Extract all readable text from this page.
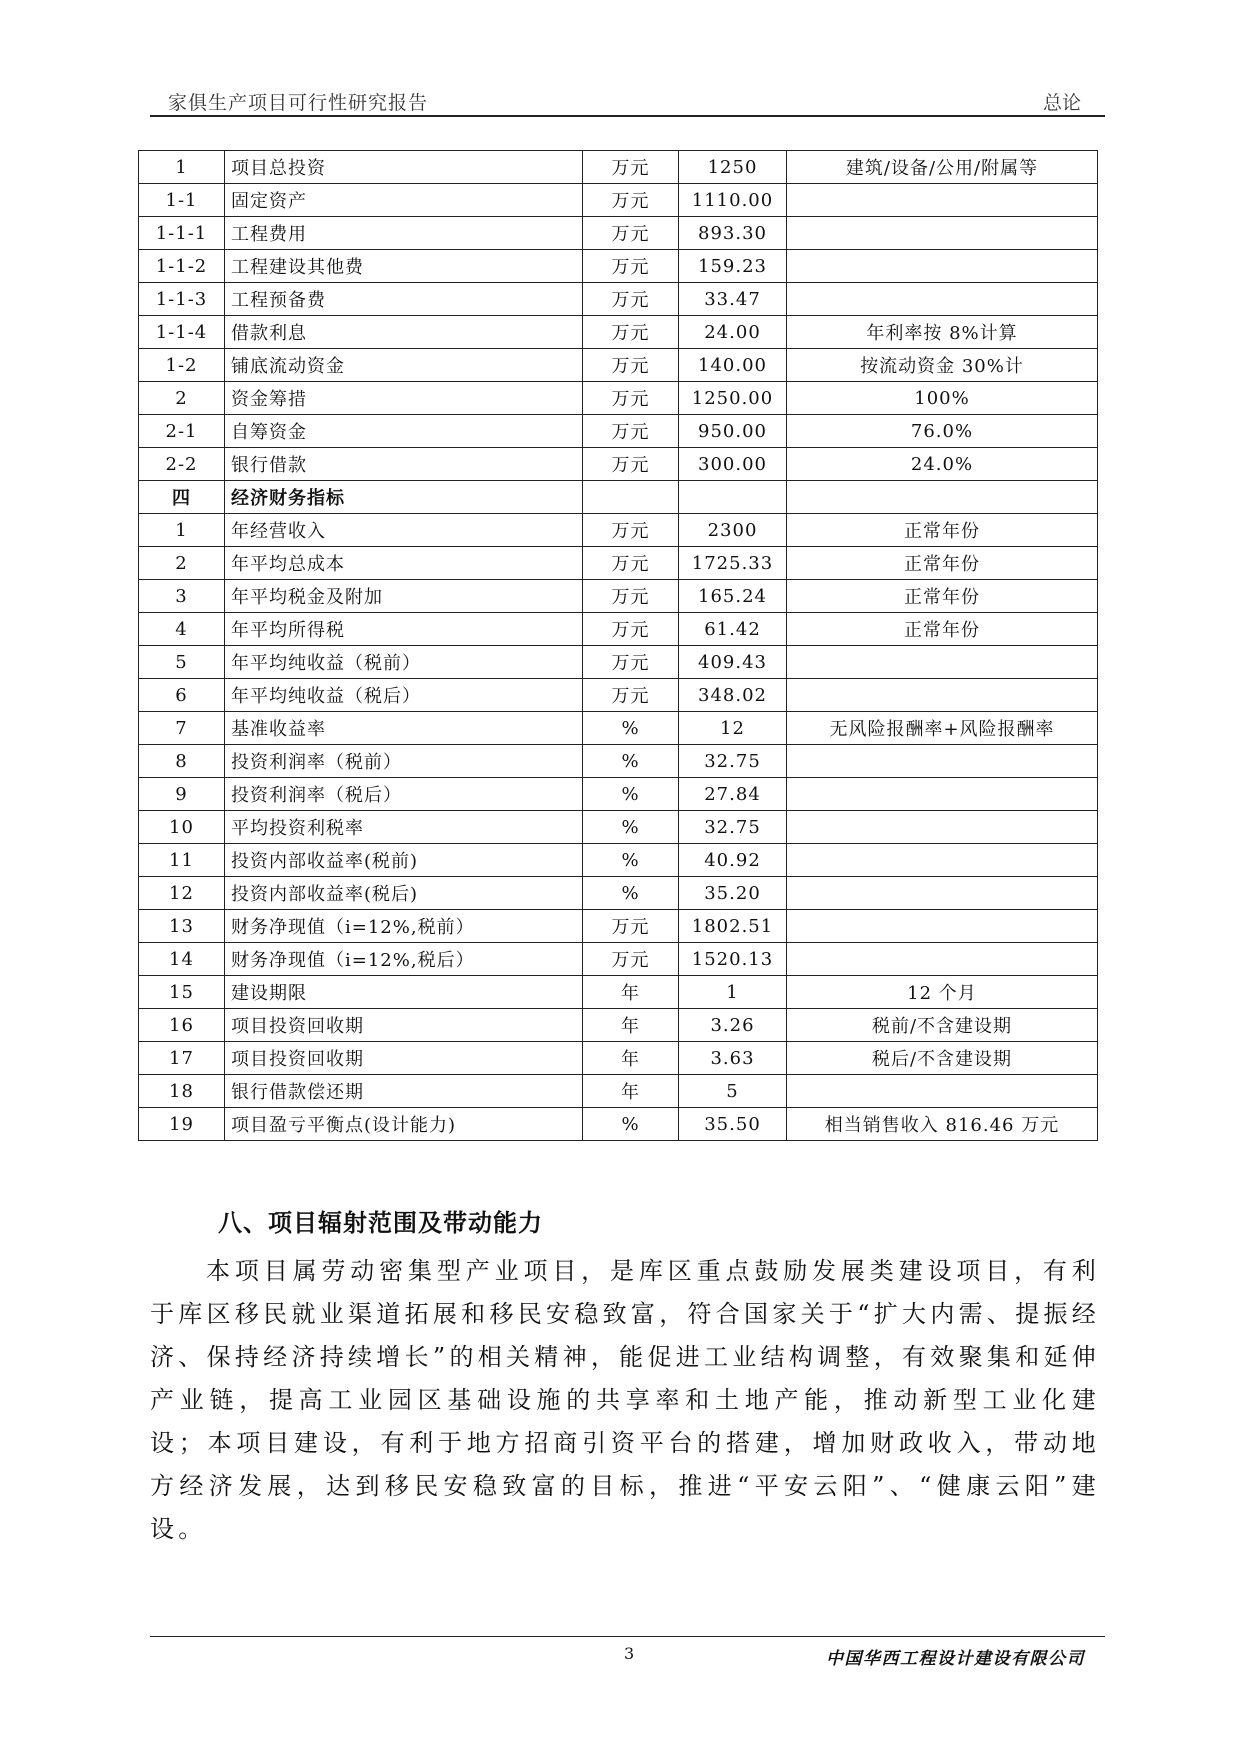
家俱生产项目可行性研究报告	总论
1	项目总投资	万元	1250	建筑/设备/公用/附属等
1-1	固定资产	万元	1110.00	
1-1-1	工程费用	万元	893.30	
1-1-2	工程建设其他费	万元	159.23	
1-1-3	工程预备费	万元	33.47	
1-1-4	借款利息	万元	24.00	年利率按 8%计算
1-2	铺底流动资金	万元	140.00	按流动资金 30%计
2	资金筹措	万元	1250.00	100%
2-1	自筹资金	万元	950.00	76.0%
2-2	银行借款	万元	300.00	24.0%
四	经济财务指标			
1	年经营收入	万元	2300	正常年份
2	年平均总成本	万元	1725.33	正常年份
3	年平均税金及附加	万元	165.24	正常年份
4	年平均所得税	万元	61.42	正常年份
5	年平均纯收益（税前）	万元	409.43	
6	年平均纯收益（税后）	万元	348.02	
7	基准收益率	%	12	无风险报酬率+风险报酬率
8	投资利润率（税前）	%	32.75	
9	投资利润率（税后）	%	27.84	
10	平均投资利税率	%	32.75	
11	投资内部收益率(税前)	%	40.92	
12	投资内部收益率(税后)	%	35.20	
13	财务净现值（i=12%,税前）	万元	1802.51	
14	财务净现值（i=12%,税后）	万元	1520.13	
15	建设期限	年	1	12 个月
16	项目投资回收期	年	3.26	税前/不含建设期
17	项目投资回收期	年	3.63	税后/不含建设期
18	银行借款偿还期	年	5	
19	项目盈亏平衡点(设计能力)	%	35.50	相当销售收入 816.46 万元
八、项目辐射范围及带动能力
本项目属劳动密集型产业项目，是库区重点鼓励发展类建设项目，有利于库区移民就业渠道拓展和移民安稳致富，符合国家关于“扩大内需、提振经济、保持经济持续增长”的相关精神，能促进工业结构调整，有效聚集和延伸产业链，提高工业园区基础设施的共享率和土地产能，推动新型工业化建设；本项目建设，有利于地方招商引资平台的搭建，增加财政收入，带动地方经济发展，达到移民安稳致富的目标，推进“平安云阳”、“健康云阳”建设。
3	中国华西工程设计建设有限公司
